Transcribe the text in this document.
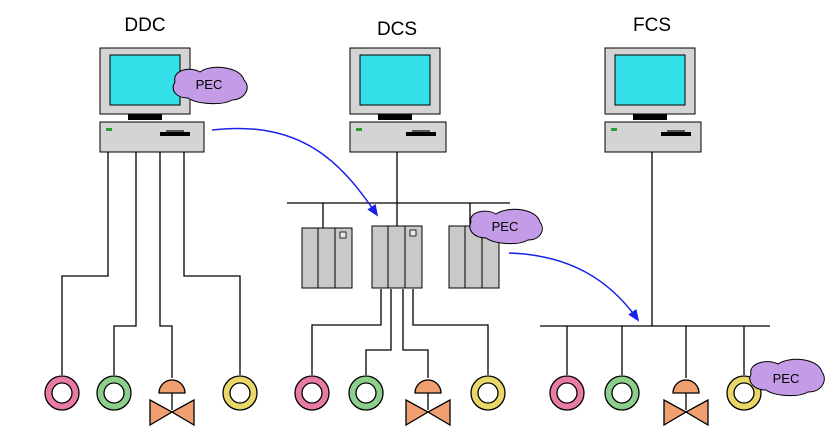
DDC	DCS	FCS
PEC
PEC
PEC
